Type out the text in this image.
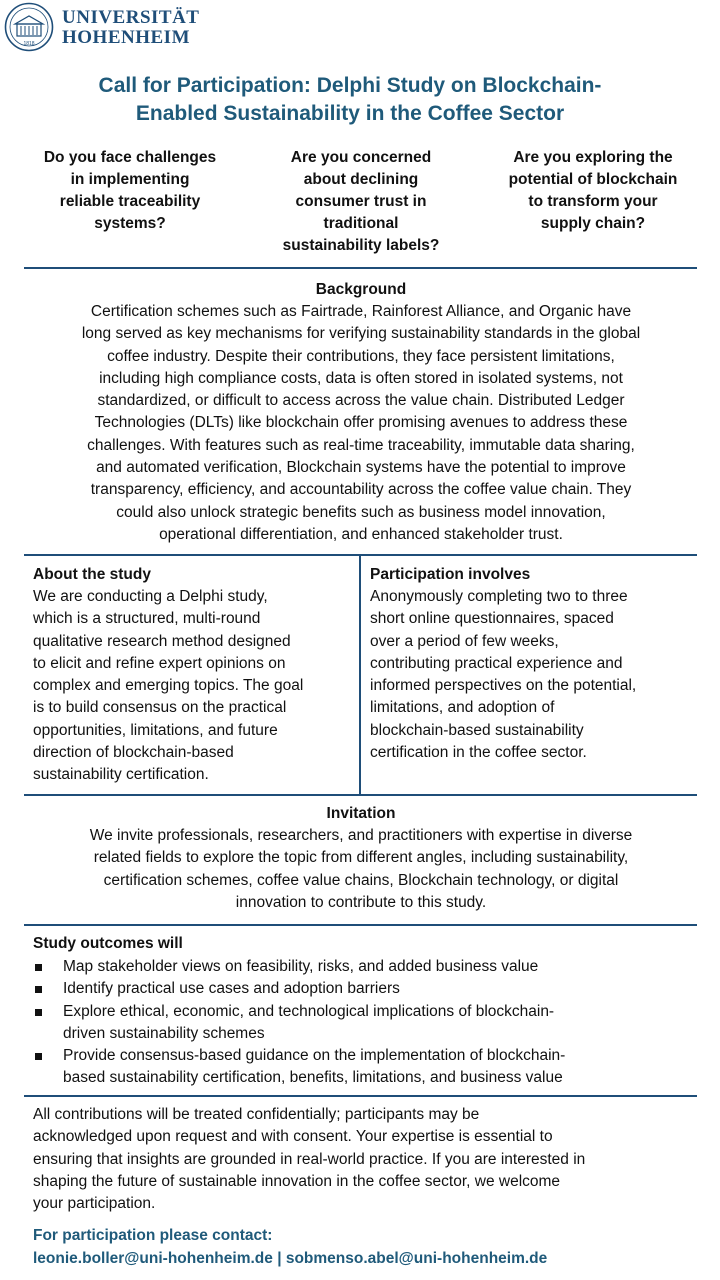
1818
UNIVERSITÄT
HOHENHEIM
Call for Participation: Delphi Study on Blockchain-
Enabled Sustainability in the Coffee Sector
Do you face challenges
in implementing
reliable traceability
systems?
Are you concerned
about declining
consumer trust in
traditional
sustainability labels?
Are you exploring the
potential of blockchain
to transform your
supply chain?
Background
Certification schemes such as Fairtrade, Rainforest Alliance, and Organic have
long served as key mechanisms for verifying sustainability standards in the global
coffee industry. Despite their contributions, they face persistent limitations,
including high compliance costs, data is often stored in isolated systems, not
standardized, or difficult to access across the value chain. Distributed Ledger
Technologies (DLTs) like blockchain offer promising avenues to address these
challenges. With features such as real-time traceability, immutable data sharing,
and automated verification, Blockchain systems have the potential to improve
transparency, efficiency, and accountability across the coffee value chain. They
could also unlock strategic benefits such as business model innovation,
operational differentiation, and enhanced stakeholder trust.
About the study
We are conducting a Delphi study,
which is a structured, multi-round
qualitative research method designed
to elicit and refine expert opinions on
complex and emerging topics. The goal
is to build consensus on the practical
opportunities, limitations, and future
direction of blockchain-based
sustainability certification.
Participation involves
Anonymously completing two to three
short online questionnaires, spaced
over a period of few weeks,
contributing practical experience and
informed perspectives on the potential,
limitations, and adoption of
blockchain-based sustainability
certification in the coffee sector.
Invitation
We invite professionals, researchers, and practitioners with expertise in diverse
related fields to explore the topic from different angles, including sustainability,
certification schemes, coffee value chains, Blockchain technology, or digital
innovation to contribute to this study.
Study outcomes will
Map stakeholder views on feasibility, risks, and added business value
Identify practical use cases and adoption barriers
Explore ethical, economic, and technological implications of blockchain-
driven sustainability schemes
Provide consensus-based guidance on the implementation of blockchain-
based sustainability certification, benefits, limitations, and business value
All contributions will be treated confidentially; participants may be
acknowledged upon request and with consent. Your expertise is essential to
ensuring that insights are grounded in real-world practice. If you are interested in
shaping the future of sustainable innovation in the coffee sector, we welcome
your participation.
For participation please contact:
leonie.boller@uni-hohenheim.de | sobmenso.abel@uni-hohenheim.de
